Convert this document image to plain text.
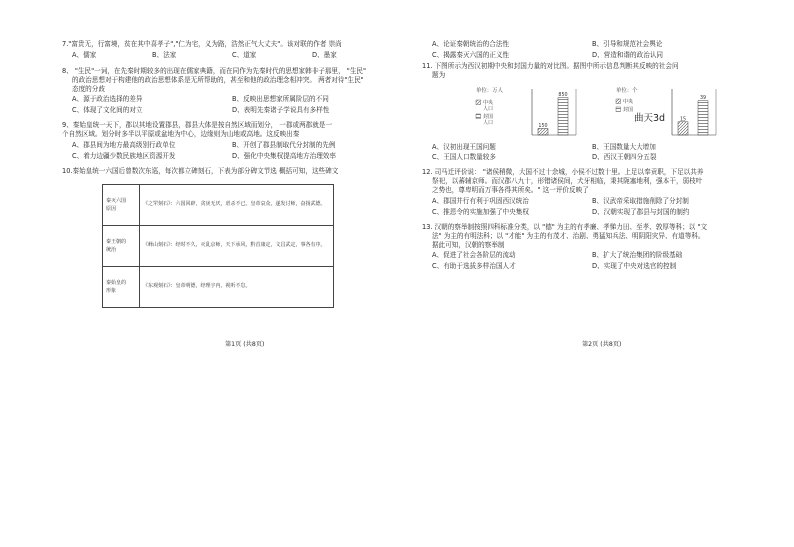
7."富贵无，行富境，贫在其中喜孝子","仁为宅，义为路，浩然正气大丈夫"。该对联的作者 崇尚

A、儒家	B、法家	C、道家	D、墨家

8、 "生民"一词，在先秦时期较多的出现在儒家典籍，而在同作为先秦时代的思想家韩非子那里， "生民"

的政治思想对于构建他的政治思想体系是无所帮助的，甚至和他的政治理念相冲突。 两者对待"生民"

态度的分歧

A、源于政治选择的差异	B、反映出思想家所属阶层的不同
C、体现了文化间的对立	D、表明先秦诸子学说具有多样性

9、秦始皇统一天下，郡以其地设置郡县，郡县大体是按自然区域而划分， 一郡或两郡就是一

个自然区域。划分时多半以平原或盆地为中心，边缘则为山地或高地。这反映出秦

A、郡县间为地方最高级别行政单位	B、开创了郡县制取代分封制的先例
C、着力边疆少数民族地区资源开发	D、强化中央集权提高地方治理效率

10.秦始皇统一六国后曾数次东巡，每次都立碑刻石，下表为部分碑文节选 概括可知，这些碑文

秦灭六国
原因	《之罘刻石》：六国回辟，贪戾无厌，虐杀不已。皇帝哀众，遂发讨师，奋扬武德。
秦王朝的
统治	《峄山刻石》：经时不久，灭乱京师，天下承风，黔首康定，文昌武定，事各有序。
秦始皇的
形象	《东观刻石》：皇帝明德，经理宇内，视听不怠。
第1页 (共8页)
A、论证秦朝统治的合法性	B、引导和规范社会舆论
C、揭露秦灭六国的正义性	D、营造和谐的政治认同

11. 下图所示为西汉初期中央和封国力量的对比图。据图中所示信息判断其反映的社会问

题为

单位：万人
中央
人口
封国
人口
150
850
单位：个
中央
封国
15
39
曲天3d
A、汉初出现王国问题	B、王国数量大大增加
C、王国人口数量较多	D、西汉王朝四分五裂

12. 司马迁评价说： "诸侯稍微，大国不过十余城，小侯不过数十里。上足以奉贡职，下足以共养

祭祀，以蕃辅京师。而汉郡八九十，形错诸侯间，犬牙相临，秉其阨塞地利，强本干，弱枝叶

之势也，尊卑明而万事各得其所矣。" 这一评价反映了

A、郡国并行有利于巩固西汉统治	B、汉武帝采取措施削除了分封制
C、推恩令的实施加强了中央集权	D、汉朝实现了郡县与封国的制约

13. 汉朝的察举制按照四科标准分类，以 "德" 为主的有孝廉、孝悌力田、至孝、敦厚等科；以 "文

法" 为主的有明法科；以 "才能" 为主的有茂才、治剧、勇猛知兵法、明阴阳灾异、有道等科。

据此可知，汉朝的察举制

A、促进了社会各阶层的流动	B、扩大了统治集团的阶级基础
C、有助于选拔多样治国人才	D、实现了中央对选官的控制
第2页 (共8页)
